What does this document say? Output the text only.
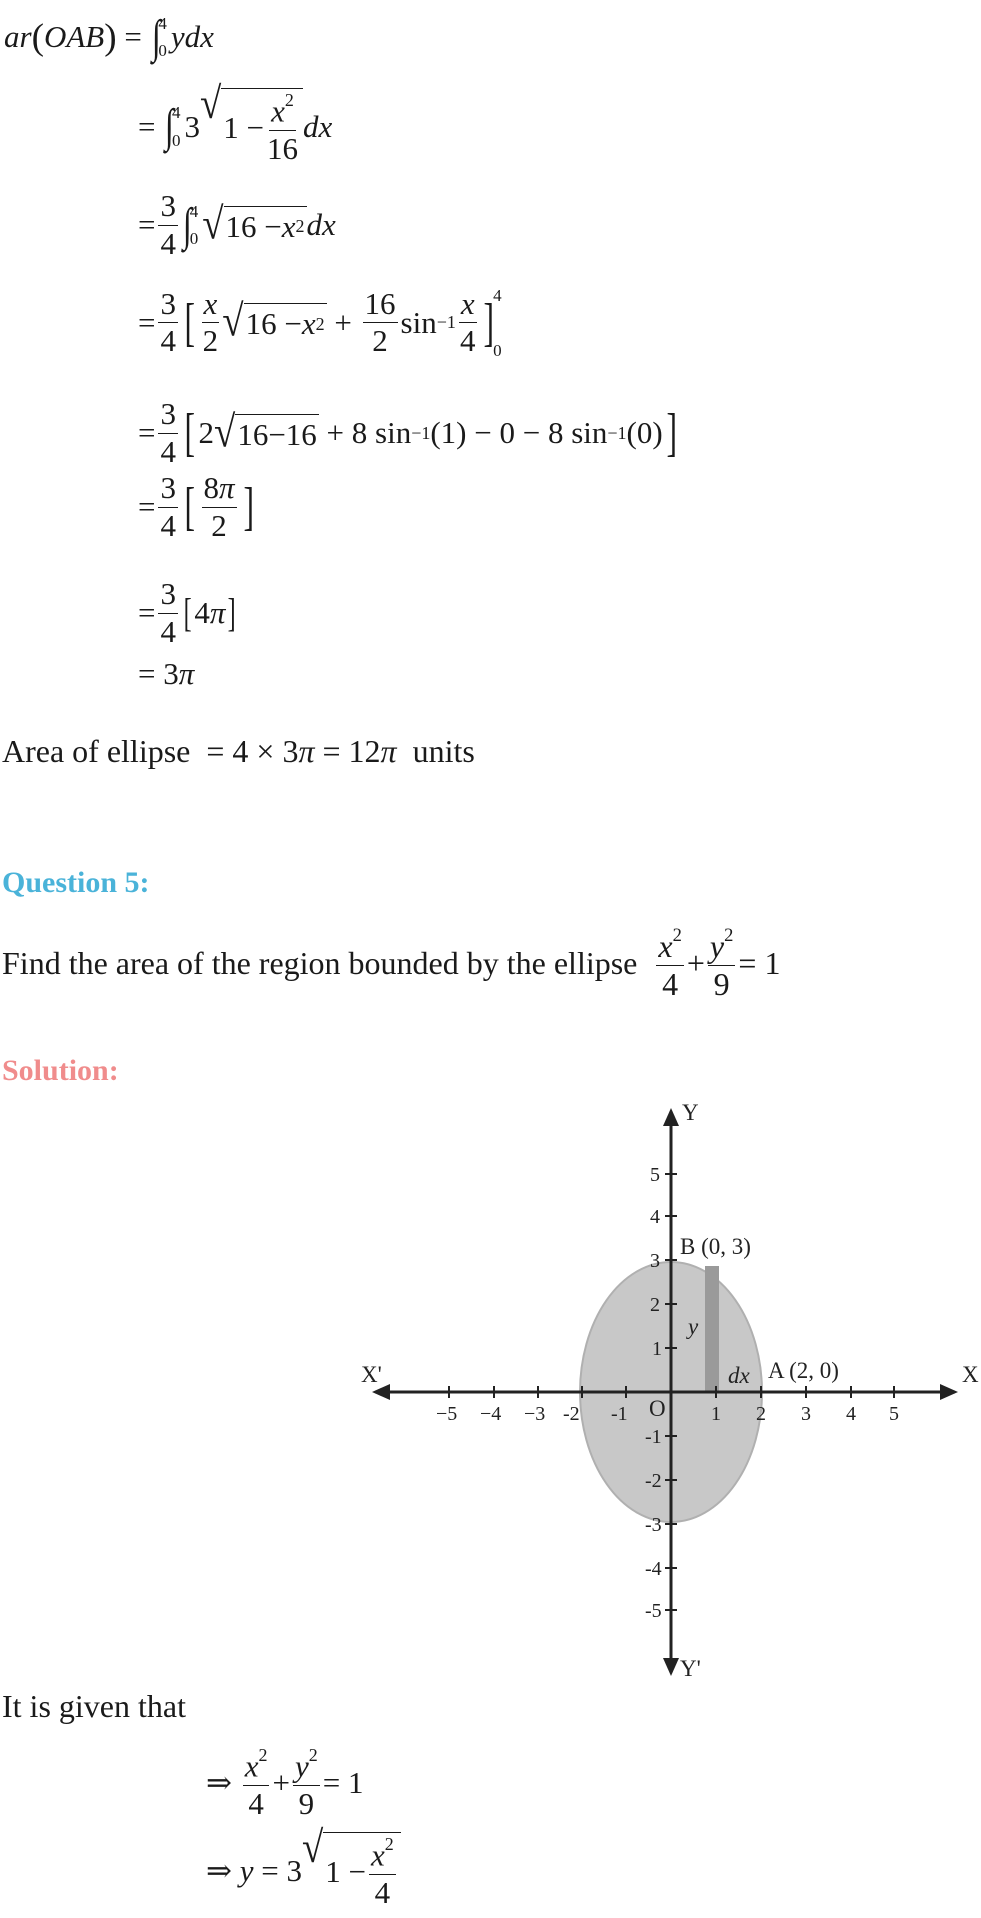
ar ( OAB ) = ∫
4
0 ydx
= ∫
4
0 3 √ $1 - \frac{x^2}{16}$ dx
= $\frac{3}{4}$ ∫
4
0 √ 16 − x 2 dx
= $\frac{3}{4}$ [ $\frac{x}{2}$ √ 16 − x $2 + \frac{16}{2}$ $\sin -1 \frac{x}{4}$ ] 4

0
= $\frac{3}{4}$ [ 2 √ 16−16 + 8 sin −1 (1) − 0 − 8 sin −1 (0) ]
= $\frac{3}{4}$ [ $\frac{8\pi}{2}$ ]
= $\frac{3}{4}$ [ 4π ]
= 3π
Area of ellipse = 4 × 3π = 12π units
Question 5:
Find the area of the region bounded by the ellipse
$\frac{x^2}{4} + \frac{y^2}{9} = 1$
Solution:
−5 −4 −3 -2 -1	1 2 3 4 5
5
4
3
2
1
-1
-2
-3
-4
-5
X
X'
Y
Y'
O
A (2, 0)
B (0, 3)
dx
y
It is given that
⇒ $\frac{x^2}{4} + \frac{y^2}{9} = 1$
⇒ y = 3 √ $1 - \frac{x^2}{4}$
